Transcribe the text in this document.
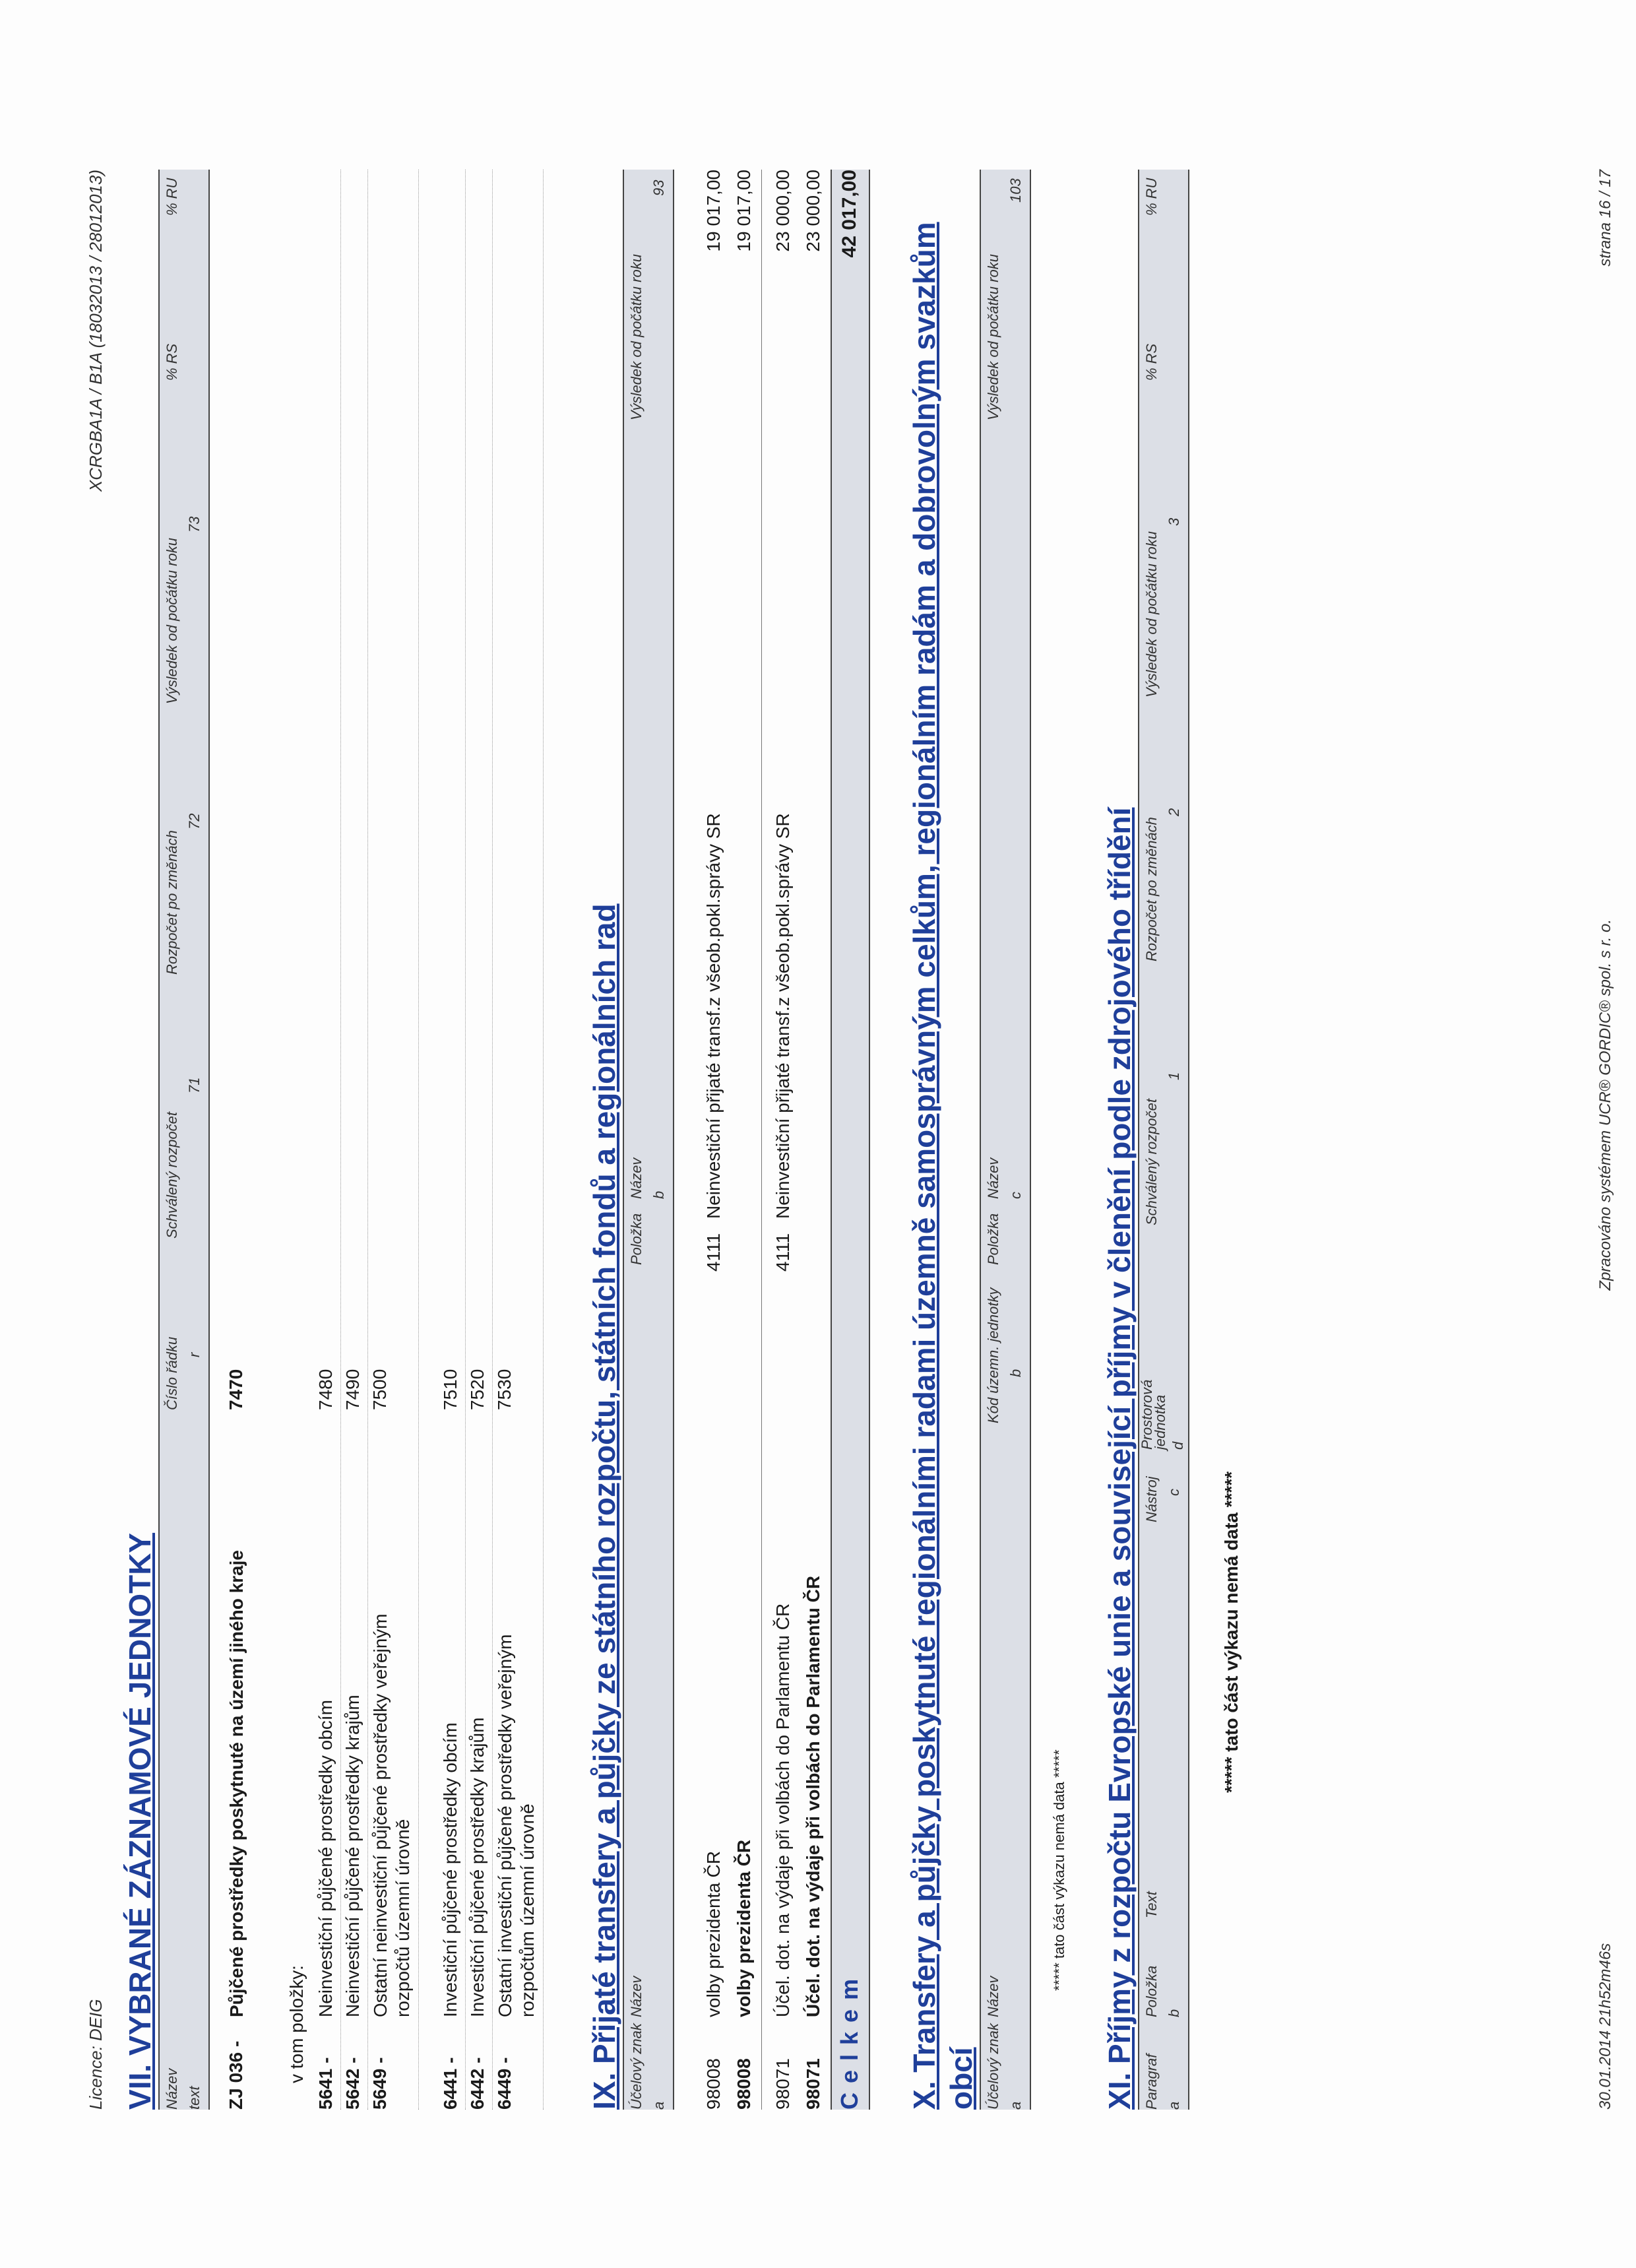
Licence: DEIG
XCRGBA1A / B1A (18032013 / 28012013)
VII. VYBRANÉ ZÁZNAMOVÉ JEDNOTKY Název text
Číslo řádku r
Schválený rozpočet
71
Rozpočet po změnách
72
Výsledek od počátku roku
73
% RS
% RU
ZJ 036 -
Půjčené prostředky poskytnuté na území jiného kraje
7470
v tom položky:
5641 -
Neinvestiční půjčené prostředky obcím
7480
5642 -
Neinvestiční půjčené prostředky krajům
7490
5649 -
Ostatní neinvestiční půjčené prostředky veřejným rozpočtů územní úrovně
7500
6441 -
Investiční půjčené prostředky obcím
7510
6442 -
Investiční půjčené prostředky krajům
7520
6449 -
Ostatní investiční půjčené prostředky veřejným rozpočtům územní úrovně
7530 IX. Přijaté transfery a půjčky ze státního rozpočtu, státních fondů a regionálních rad Účelový znak a
Název
Položka
Název b
Výsledek od počátku roku
93
98008
volby prezidenta ČR
4111
Neinvestiční přijaté transf.z všeob.pokl.správy SR
19 017,00
98008
volby prezidenta ČR
19 017,00
98071
Účel. dot. na výdaje při volbách do Parlamentu ČR
4111
Neinvestiční přijaté transf.z všeob.pokl.správy SR
23 000,00
98071
Účel. dot. na výdaje při volbách do Parlamentu ČR
23 000,00
C e l k e m
42 017,00
X. Transfery a půjčky poskytnuté regionálními radami územně samosprávným celkům, regionálním radám a dobrovolným svazkům obcí Účelový znak a
Název
Kód územn. jednotky b
Položka
Název c
Výsledek od počátku roku
103
***** tato část výkazu nemá data ***** XI. Příjmy z rozpočtu Evropské unie a související příjmy v členění podle zdrojového třídění Paragraf a
Položka b
Text
Nástroj c
Prostorová jednotka d
Schválený rozpočet
1
Rozpočet po změnách
2
Výsledek od počátku roku
3
% RS
% RU
***** tato část výkazu nemá data *****
30.01.2014 21h52m46s
Zpracováno systémem UCR® GORDIC® spol. s r. o.
strana 16 / 17
